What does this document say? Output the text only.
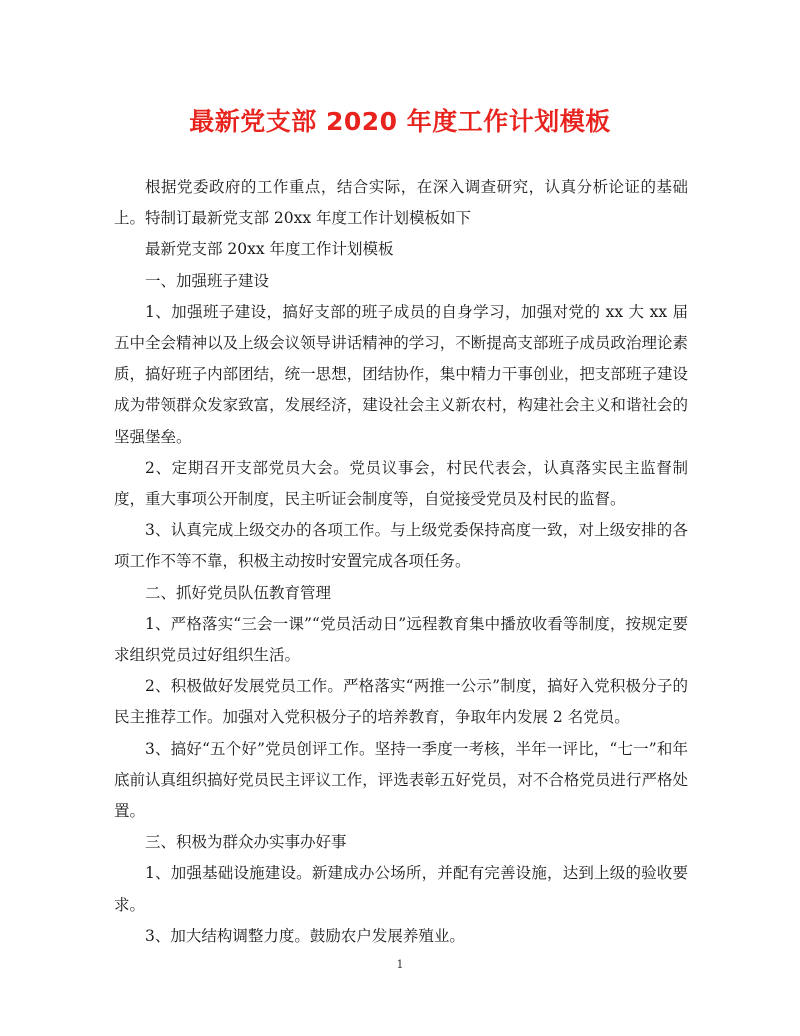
最新党支部 2020 年度工作计划模板

根据党委政府的工作重点，结合实际，在深入调查研究，认真分析论证的基础上。特制订最新党支部 20xx 年度工作计划模板如下

最新党支部 20xx 年度工作计划模板

一、加强班子建设

1、加强班子建设，搞好支部的班子成员的自身学习，加强对党的 xx 大 xx 届五中全会精神以及上级会议领导讲话精神的学习，不断提高支部班子成员政治理论素质，搞好班子内部团结，统一思想，团结协作，集中精力干事创业，把支部班子建设成为带领群众发家致富，发展经济，建设社会主义新农村，构建社会主义和谐社会的坚强堡垒。

2、定期召开支部党员大会。党员议事会，村民代表会，认真落实民主监督制度，重大事项公开制度，民主听证会制度等，自觉接受党员及村民的监督。

3、认真完成上级交办的各项工作。与上级党委保持高度一致，对上级安排的各项工作不等不靠，积极主动按时安置完成各项任务。

二、抓好党员队伍教育管理

1、严格落实“三会一课”“党员活动日”远程教育集中播放收看等制度，按规定要求组织党员过好组织生活。

2、积极做好发展党员工作。严格落实“两推一公示”制度，搞好入党积极分子的民主推荐工作。加强对入党积极分子的培养教育，争取年内发展 2 名党员。

3、搞好“五个好”党员创评工作。坚持一季度一考核，半年一评比，“七一”和年底前认真组织搞好党员民主评议工作，评选表彰五好党员，对不合格党员进行严格处置。

三、积极为群众办实事办好事

1、加强基础设施建设。新建成办公场所，并配有完善设施，达到上级的验收要求。

3、加大结构调整力度。鼓励农户发展养殖业。

1
